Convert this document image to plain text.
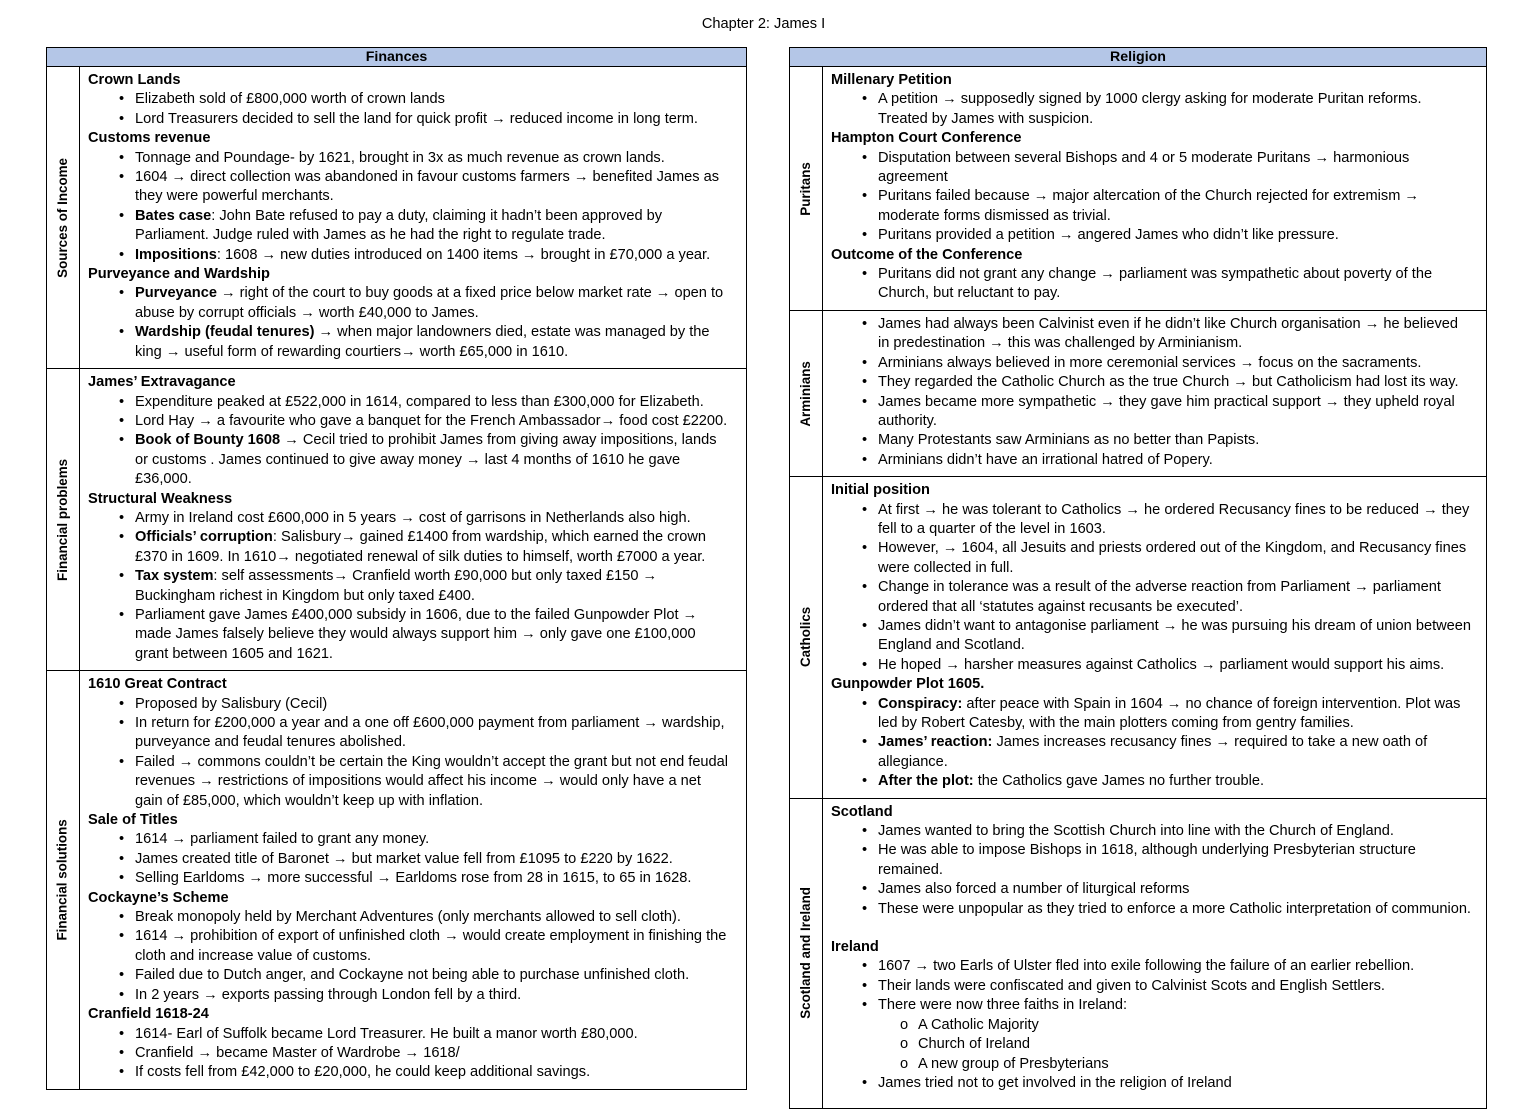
Chapter 2: James I
Finances
Sources of Income
Crown Lands
• Elizabeth sold of £800,000 worth of crown lands
• Lord Treasurers decided to sell the land for quick profit → reduced income in long term.
Customs revenue
• Tonnage and Poundage- by 1621, brought in 3x as much revenue as crown lands.
• 1604 → direct collection was abandoned in favour customs farmers → benefited James as they were powerful merchants.
• Bates case: John Bate refused to pay a duty, claiming it hadn’t been approved by Parliament. Judge ruled with James as he had the right to regulate trade.
• Impositions: 1608 → new duties introduced on 1400 items → brought in £70,000 a year.
Purveyance and Wardship
• Purveyance → right of the court to buy goods at a fixed price below market rate → open to abuse by corrupt officials → worth £40,000 to James.
• Wardship (feudal tenures) → when major landowners died, estate was managed by the king → useful form of rewarding courtiers→ worth £65,000 in 1610.
Financial problems
James’ Extravagance
• Expenditure peaked at £522,000 in 1614, compared to less than £300,000 for Elizabeth.
• Lord Hay → a favourite who gave a banquet for the French Ambassador→ food cost £2200.
• Book of Bounty 1608 → Cecil tried to prohibit James from giving away impositions, lands or customs . James continued to give away money → last 4 months of 1610 he gave £36,000.
Structural Weakness
• Army in Ireland cost £600,000 in 5 years → cost of garrisons in Netherlands also high.
• Officials’ corruption: Salisbury→ gained £1400 from wardship, which earned the crown £370 in 1609. In 1610→ negotiated renewal of silk duties to himself, worth £7000 a year.
• Tax system: self assessments→ Cranfield worth £90,000 but only taxed £150 → Buckingham richest in Kingdom but only taxed £400.
• Parliament gave James £400,000 subsidy in 1606, due to the failed Gunpowder Plot → made James falsely believe they would always support him → only gave one £100,000 grant between 1605 and 1621.
Financial solutions
1610 Great Contract
• Proposed by Salisbury (Cecil)
• In return for £200,000 a year and a one off £600,000 payment from parliament → wardship, purveyance and feudal tenures abolished.
• Failed → commons couldn’t be certain the King wouldn’t accept the grant but not end feudal revenues → restrictions of impositions would affect his income → would only have a net gain of £85,000, which wouldn’t keep up with inflation.
Sale of Titles
• 1614 → parliament failed to grant any money.
• James created title of Baronet → but market value fell from £1095 to £220 by 1622.
• Selling Earldoms → more successful → Earldoms rose from 28 in 1615, to 65 in 1628.
Cockayne’s Scheme
• Break monopoly held by Merchant Adventures (only merchants allowed to sell cloth).
• 1614 → prohibition of export of unfinished cloth → would create employment in finishing the cloth and increase value of customs.
• Failed due to Dutch anger, and Cockayne not being able to purchase unfinished cloth.
• In 2 years → exports passing through London fell by a third.
Cranfield 1618-24
• 1614- Earl of Suffolk became Lord Treasurer. He built a manor worth £80,000.
• Cranfield → became Master of Wardrobe → 1618/
• If costs fell from £42,000 to £20,000, he could keep additional savings.
Religion
Puritans
Millenary Petition
• A petition → supposedly signed by 1000 clergy asking for moderate Puritan reforms. Treated by James with suspicion.
Hampton Court Conference
• Disputation between several Bishops and 4 or 5 moderate Puritans → harmonious agreement
• Puritans failed because → major altercation of the Church rejected for extremism → moderate forms dismissed as trivial.
• Puritans provided a petition → angered James who didn’t like pressure.
Outcome of the Conference
• Puritans did not grant any change → parliament was sympathetic about poverty of the Church, but reluctant to pay.
Arminians
• James had always been Calvinist even if he didn’t like Church organisation → he believed in predestination → this was challenged by Arminianism.
• Arminians always believed in more ceremonial services → focus on the sacraments.
• They regarded the Catholic Church as the true Church → but Catholicism had lost its way.
• James became more sympathetic → they gave him practical support → they upheld royal authority.
• Many Protestants saw Arminians as no better than Papists.
• Arminians didn’t have an irrational hatred of Popery.
Catholics
Initial position
• At first → he was tolerant to Catholics → he ordered Recusancy fines to be reduced → they fell to a quarter of the level in 1603.
• However, → 1604, all Jesuits and priests ordered out of the Kingdom, and Recusancy fines were collected in full.
• Change in tolerance was a result of the adverse reaction from Parliament → parliament ordered that all ‘statutes against recusants be executed’.
• James didn’t want to antagonise parliament → he was pursuing his dream of union between England and Scotland.
• He hoped → harsher measures against Catholics → parliament would support his aims.
Gunpowder Plot 1605.
• Conspiracy: after peace with Spain in 1604 → no chance of foreign intervention. Plot was led by Robert Catesby, with the main plotters coming from gentry families.
• James’ reaction: James increases recusancy fines → required to take a new oath of allegiance.
• After the plot: the Catholics gave James no further trouble.
Scotland and Ireland
Scotland
• James wanted to bring the Scottish Church into line with the Church of England.
• He was able to impose Bishops in 1618, although underlying Presbyterian structure remained.
• James also forced a number of liturgical reforms
• These were unpopular as they tried to enforce a more Catholic interpretation of communion.
Ireland
• 1607 → two Earls of Ulster fled into exile following the failure of an earlier rebellion.
• Their lands were confiscated and given to Calvinist Scots and English Settlers.
• There were now three faiths in Ireland:
o A Catholic Majority
o Church of Ireland
o A new group of Presbyterians
• James tried not to get involved in the religion of Ireland
